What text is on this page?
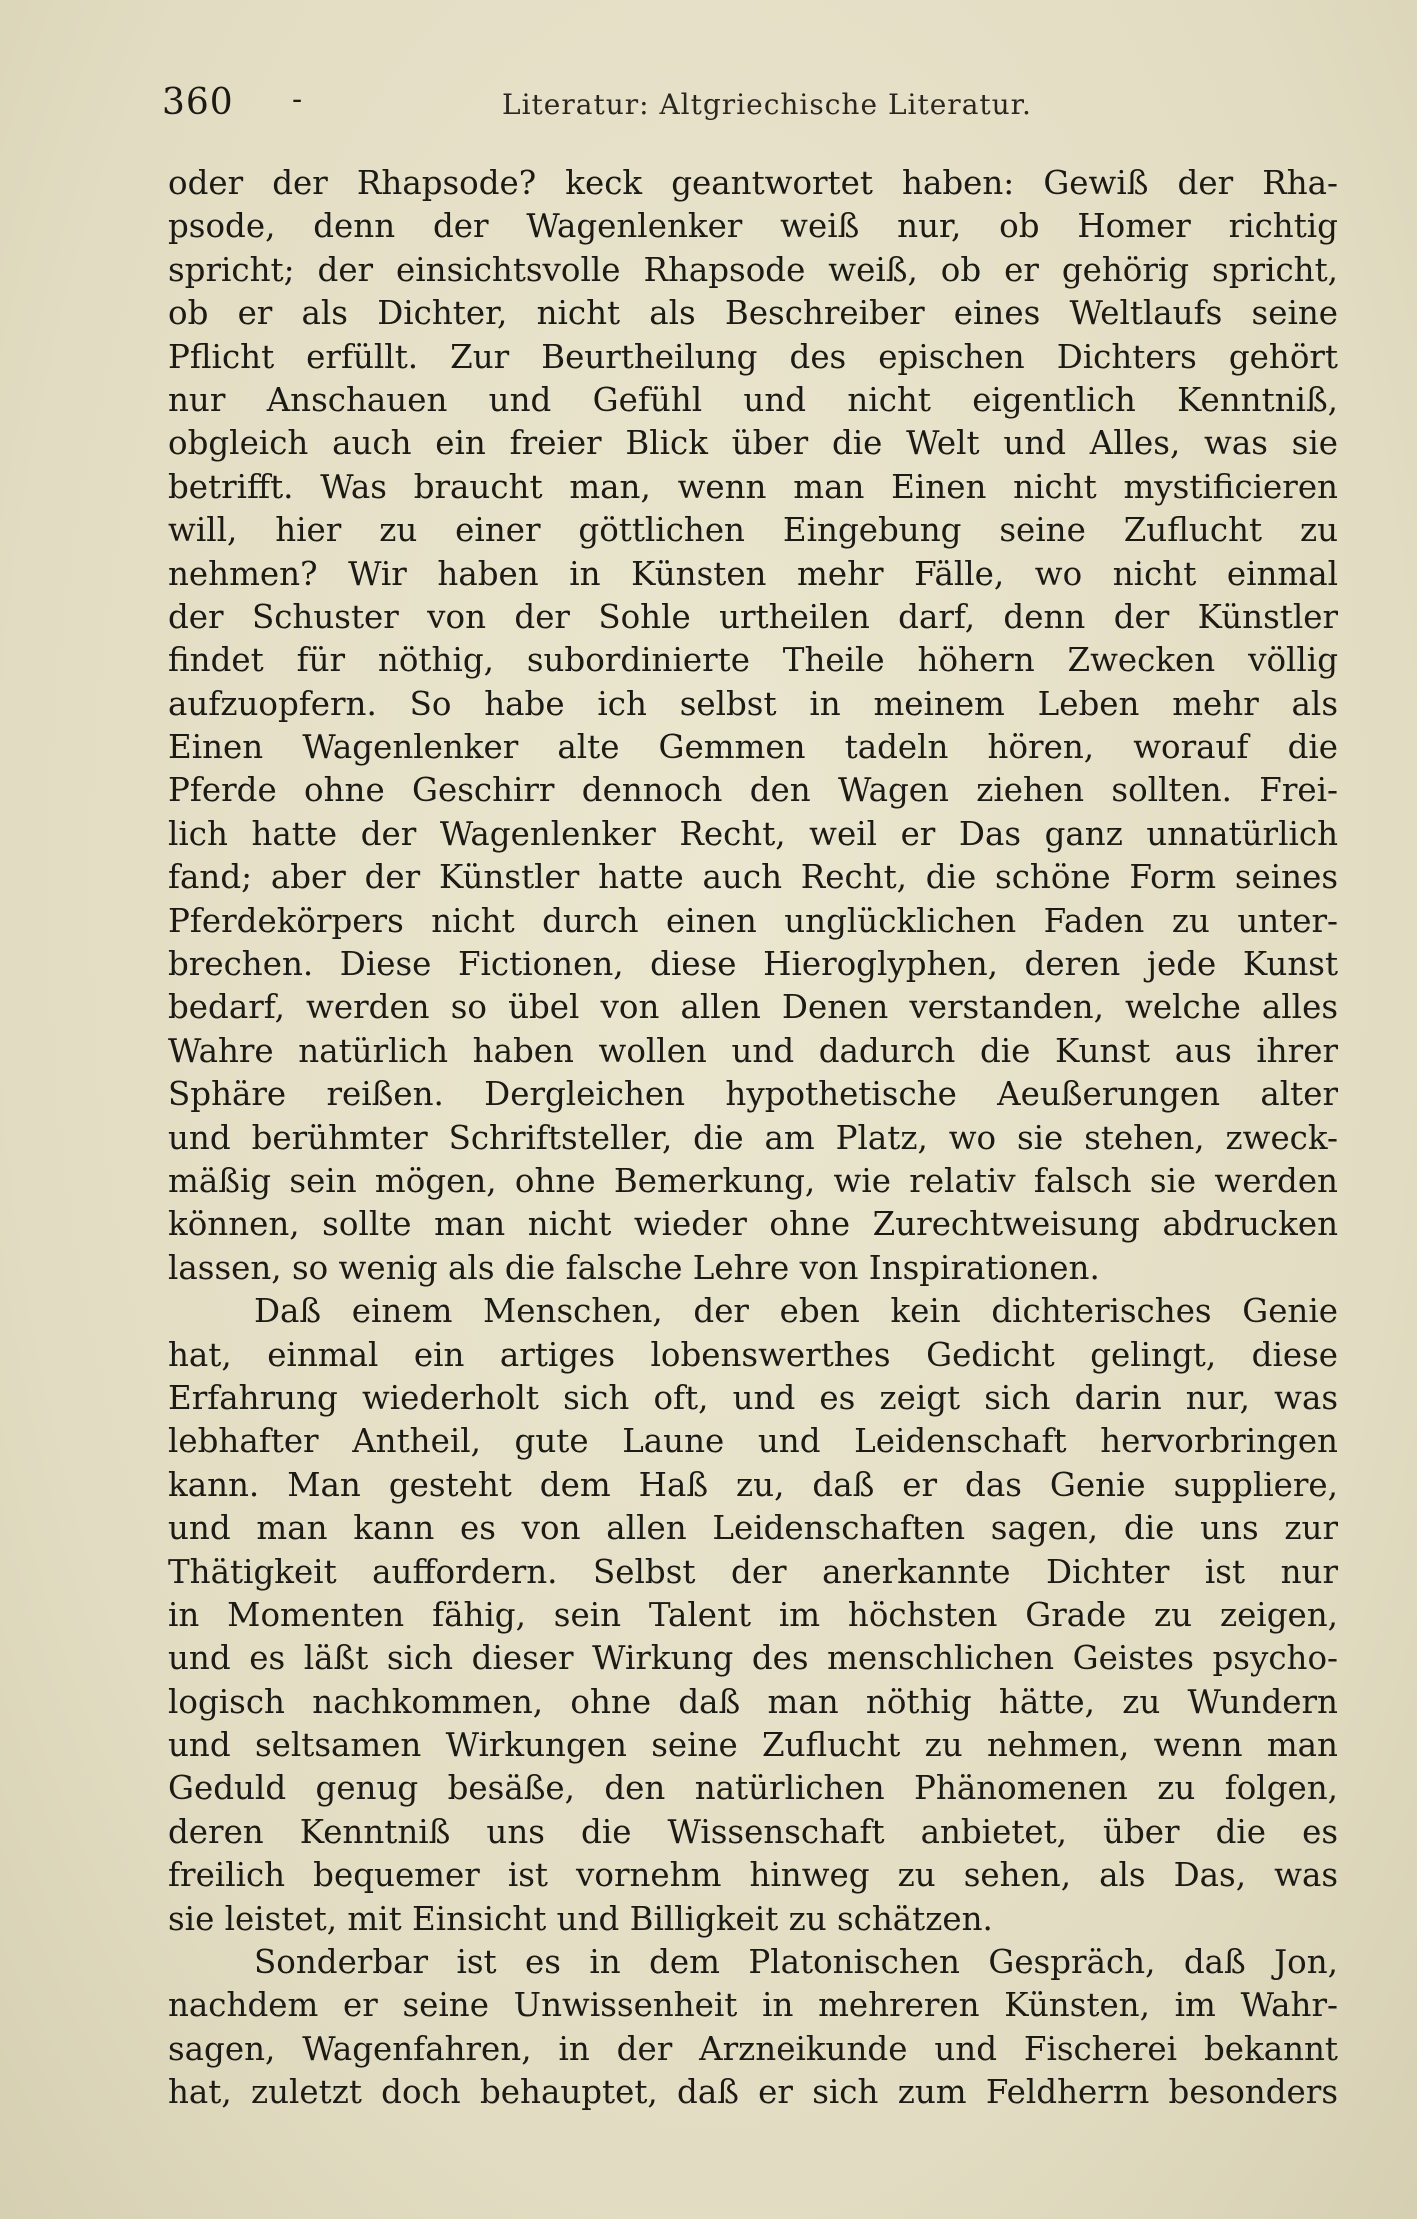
360 -	Literatur: Altgriechische Literatur.
oder der Rhapsode? keck geantwortet haben: Gewiß der Rha-
psode, denn der Wagenlenker weiß nur, ob Homer richtig
spricht; der einsichtsvolle Rhapsode weiß, ob er gehörig spricht,
ob er als Dichter, nicht als Beschreiber eines Weltlaufs seine
Pflicht erfüllt. Zur Beurtheilung des epischen Dichters gehört
nur Anschauen und Gefühl und nicht eigentlich Kenntniß,
obgleich auch ein freier Blick über die Welt und Alles, was sie
betrifft. Was braucht man, wenn man Einen nicht mystificieren
will, hier zu einer göttlichen Eingebung seine Zuflucht zu
nehmen? Wir haben in Künsten mehr Fälle, wo nicht einmal
der Schuster von der Sohle urtheilen darf, denn der Künstler
findet für nöthig, subordinierte Theile höhern Zwecken völlig
aufzuopfern. So habe ich selbst in meinem Leben mehr als
Einen Wagenlenker alte Gemmen tadeln hören, worauf die
Pferde ohne Geschirr dennoch den Wagen ziehen sollten. Frei-
lich hatte der Wagenlenker Recht, weil er Das ganz unnatürlich
fand; aber der Künstler hatte auch Recht, die schöne Form seines
Pferdekörpers nicht durch einen unglücklichen Faden zu unter-
brechen. Diese Fictionen, diese Hieroglyphen, deren jede Kunst
bedarf, werden so übel von allen Denen verstanden, welche alles
Wahre natürlich haben wollen und dadurch die Kunst aus ihrer
Sphäre reißen. Dergleichen hypothetische Aeußerungen alter
und berühmter Schriftsteller, die am Platz, wo sie stehen, zweck-
mäßig sein mögen, ohne Bemerkung, wie relativ falsch sie werden
können, sollte man nicht wieder ohne Zurechtweisung abdrucken
lassen, so wenig als die falsche Lehre von Inspirationen.
Daß einem Menschen, der eben kein dichterisches Genie
hat, einmal ein artiges lobenswerthes Gedicht gelingt, diese
Erfahrung wiederholt sich oft, und es zeigt sich darin nur, was
lebhafter Antheil, gute Laune und Leidenschaft hervorbringen
kann. Man gesteht dem Haß zu, daß er das Genie suppliere,
und man kann es von allen Leidenschaften sagen, die uns zur
Thätigkeit auffordern. Selbst der anerkannte Dichter ist nur
in Momenten fähig, sein Talent im höchsten Grade zu zeigen,
und es läßt sich dieser Wirkung des menschlichen Geistes psycho-
logisch nachkommen, ohne daß man nöthig hätte, zu Wundern
und seltsamen Wirkungen seine Zuflucht zu nehmen, wenn man
Geduld genug besäße, den natürlichen Phänomenen zu folgen,
deren Kenntniß uns die Wissenschaft anbietet, über die es
freilich bequemer ist vornehm hinweg zu sehen, als Das, was
sie leistet, mit Einsicht und Billigkeit zu schätzen.
Sonderbar ist es in dem Platonischen Gespräch, daß Jon,
nachdem er seine Unwissenheit in mehreren Künsten, im Wahr-
sagen, Wagenfahren, in der Arzneikunde und Fischerei bekannt
hat, zuletzt doch behauptet, daß er sich zum Feldherrn besonders
